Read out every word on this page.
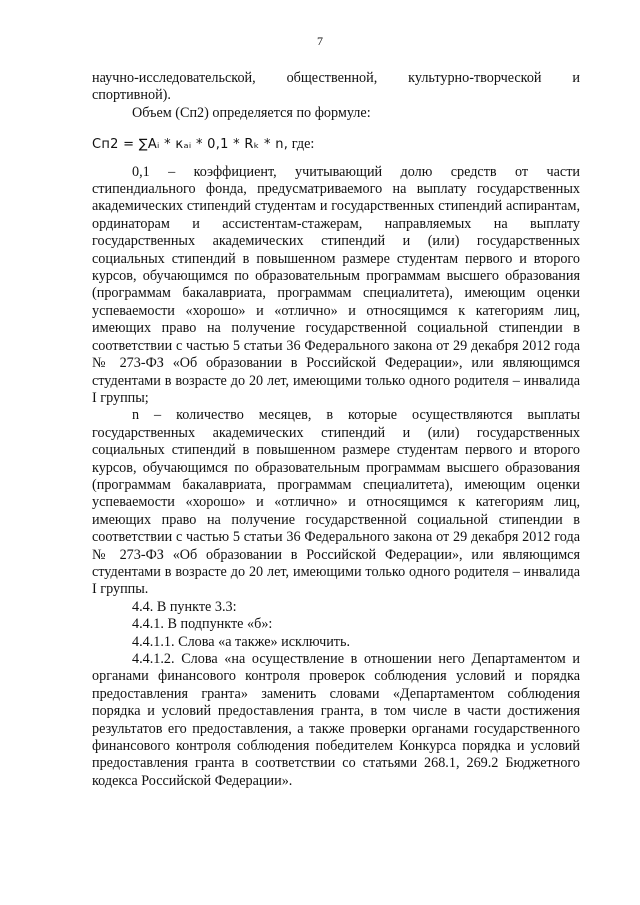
7

научно-исследовательской, общественной, культурно-творческой и спортивной).

Объем (Сп2) определяется по формуле:

Cп2 = ∑Aᵢ * кₐᵢ * 0,1 * Rₖ * n, где:

0,1 – коэффициент, учитывающий долю средств от части стипендиального фонда, предусматриваемого на выплату государственных академических стипендий студентам и государственных стипендий аспирантам, ординаторам и ассистентам-стажерам, направляемых на выплату государственных академических стипендий и (или) государственных социальных стипендий в повышенном размере студентам первого и второго курсов, обучающимся по образовательным программам высшего образования (программам бакалавриата, программам специалитета), имеющим оценки успеваемости «хорошо» и «отлично» и относящимся к категориям лиц, имеющих право на получение государственной социальной стипендии в соответствии с частью 5 статьи 36 Федерального закона от 29 декабря 2012 года № 273-ФЗ «Об образовании в Российской Федерации», или являющимся студентами в возрасте до 20 лет, имеющими только одного родителя – инвалида I группы;

n – количество месяцев, в которые осуществляются выплаты государственных академических стипендий и (или) государственных социальных стипендий в повышенном размере студентам первого и второго курсов, обучающимся по образовательным программам высшего образования (программам бакалавриата, программам специалитета), имеющим оценки успеваемости «хорошо» и «отлично» и относящимся к категориям лиц, имеющих право на получение государственной социальной стипендии в соответствии с частью 5 статьи 36 Федерального закона от 29 декабря 2012 года № 273-ФЗ «Об образовании в Российской Федерации», или являющимся студентами в возрасте до 20 лет, имеющими только одного родителя – инвалида I группы.

4.4. В пункте 3.3:

4.4.1. В подпункте «б»:

4.4.1.1. Слова «а также» исключить.

4.4.1.2. Слова «на осуществление в отношении него Департаментом и органами финансового контроля проверок соблюдения условий и порядка предоставления гранта» заменить словами «Департаментом соблюдения порядка и условий предоставления гранта, в том числе в части достижения результатов его предоставления, а также проверки органами государственного финансового контроля соблюдения победителем Конкурса порядка и условий предоставления гранта в соответствии со статьями 268.1, 269.2 Бюджетного кодекса Российской Федерации».
